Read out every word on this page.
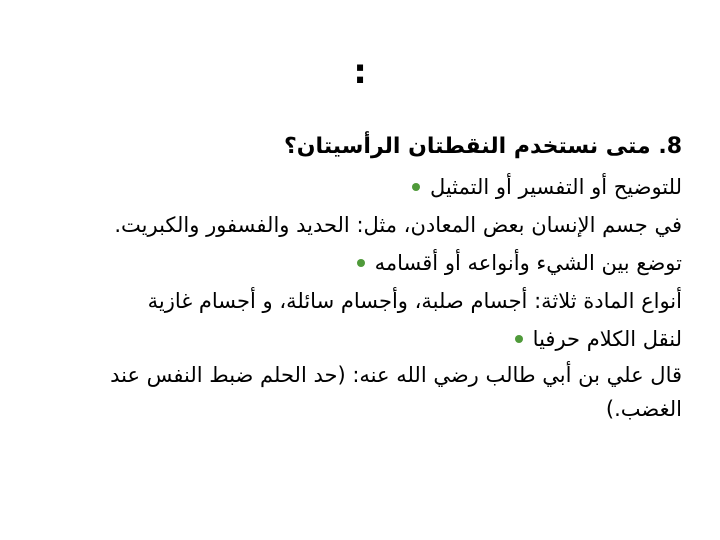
:
8. متى نستخدم النقطتان الرأسيتان؟
للتوضيح أو التفسير أو التمثيل
في جسم الإنسان بعض المعادن، مثل: الحديد والفسفور والكبريت.
توضع بين الشيء وأنواعه أو أقسامه
أنواع المادة ثلاثة: أجسام صلبة، وأجسام سائلة، و أجسام غازية
لنقل الكلام حرفيا
قال علي بن أبي طالب رضي الله عنه: (حد الحلم ضبط النفس عند
الغضب.)
